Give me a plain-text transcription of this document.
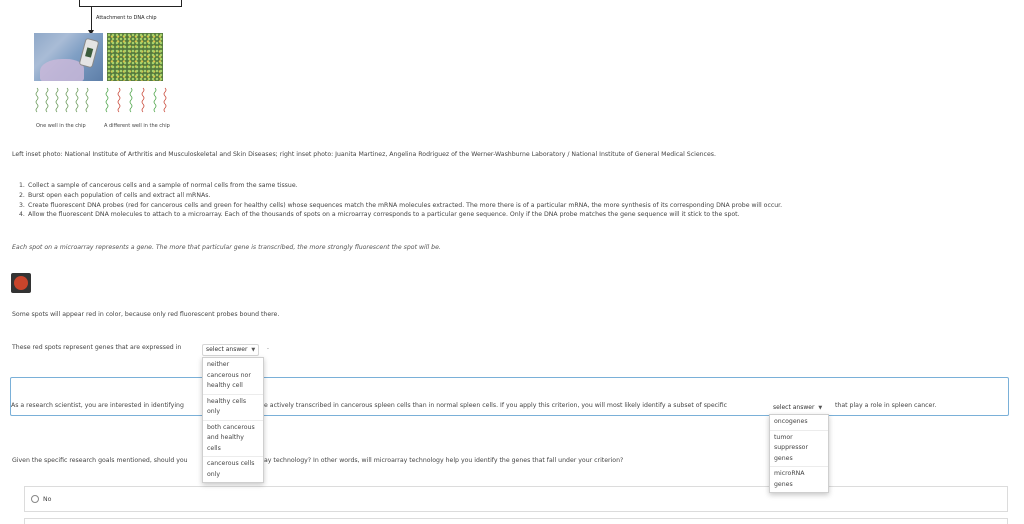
Attachment to DNA chip
One well in the chip	A different well in the chip
Left inset photo: National Institute of Arthritis and Musculoskeletal and Skin Diseases; right inset photo: Juanita Martinez, Angelina Rodriguez of the Werner-Washburne Laboratory / National Institute of General Medical Sciences.
1. Collect a sample of cancerous cells and a sample of normal cells from the same tissue.
2. Burst open each population of cells and extract all mRNAs.
3. Create fluorescent DNA probes (red for cancerous cells and green for healthy cells) whose sequences match the mRNA molecules extracted. The more there is of a particular mRNA, the more synthesis of its corresponding DNA probe will occur.
4. Allow the fluorescent DNA molecules to attach to a microarray. Each of the thousands of spots on a microarray corresponds to a particular gene sequence. Only if the DNA probe matches the gene sequence will it stick to the spot.
Each spot on a microarray represents a gene. The more that particular gene is transcribed, the more strongly fluorescent the spot will be.
Some spots will appear red in color, because only red fluorescent probes bound there.
These red spots represent genes that are expressed in	select answer ▼	.
As a research scientist, you are interested in identifying	e actively transcribed in cancerous spleen cells than in normal spleen cells. If you apply this criterion, you will most likely identify a subset of specific	select answer ▼	that play a role in spleen cancer.
Given the specific research goals mentioned, should you	ay technology? In other words, will microarray technology help you identify the genes that fall under your criterion?
No
neither cancerous nor healthy cell
healthy cells only
both cancerous and healthy cells
cancerous cells only
oncogenes
tumor suppressor genes
microRNA genes
